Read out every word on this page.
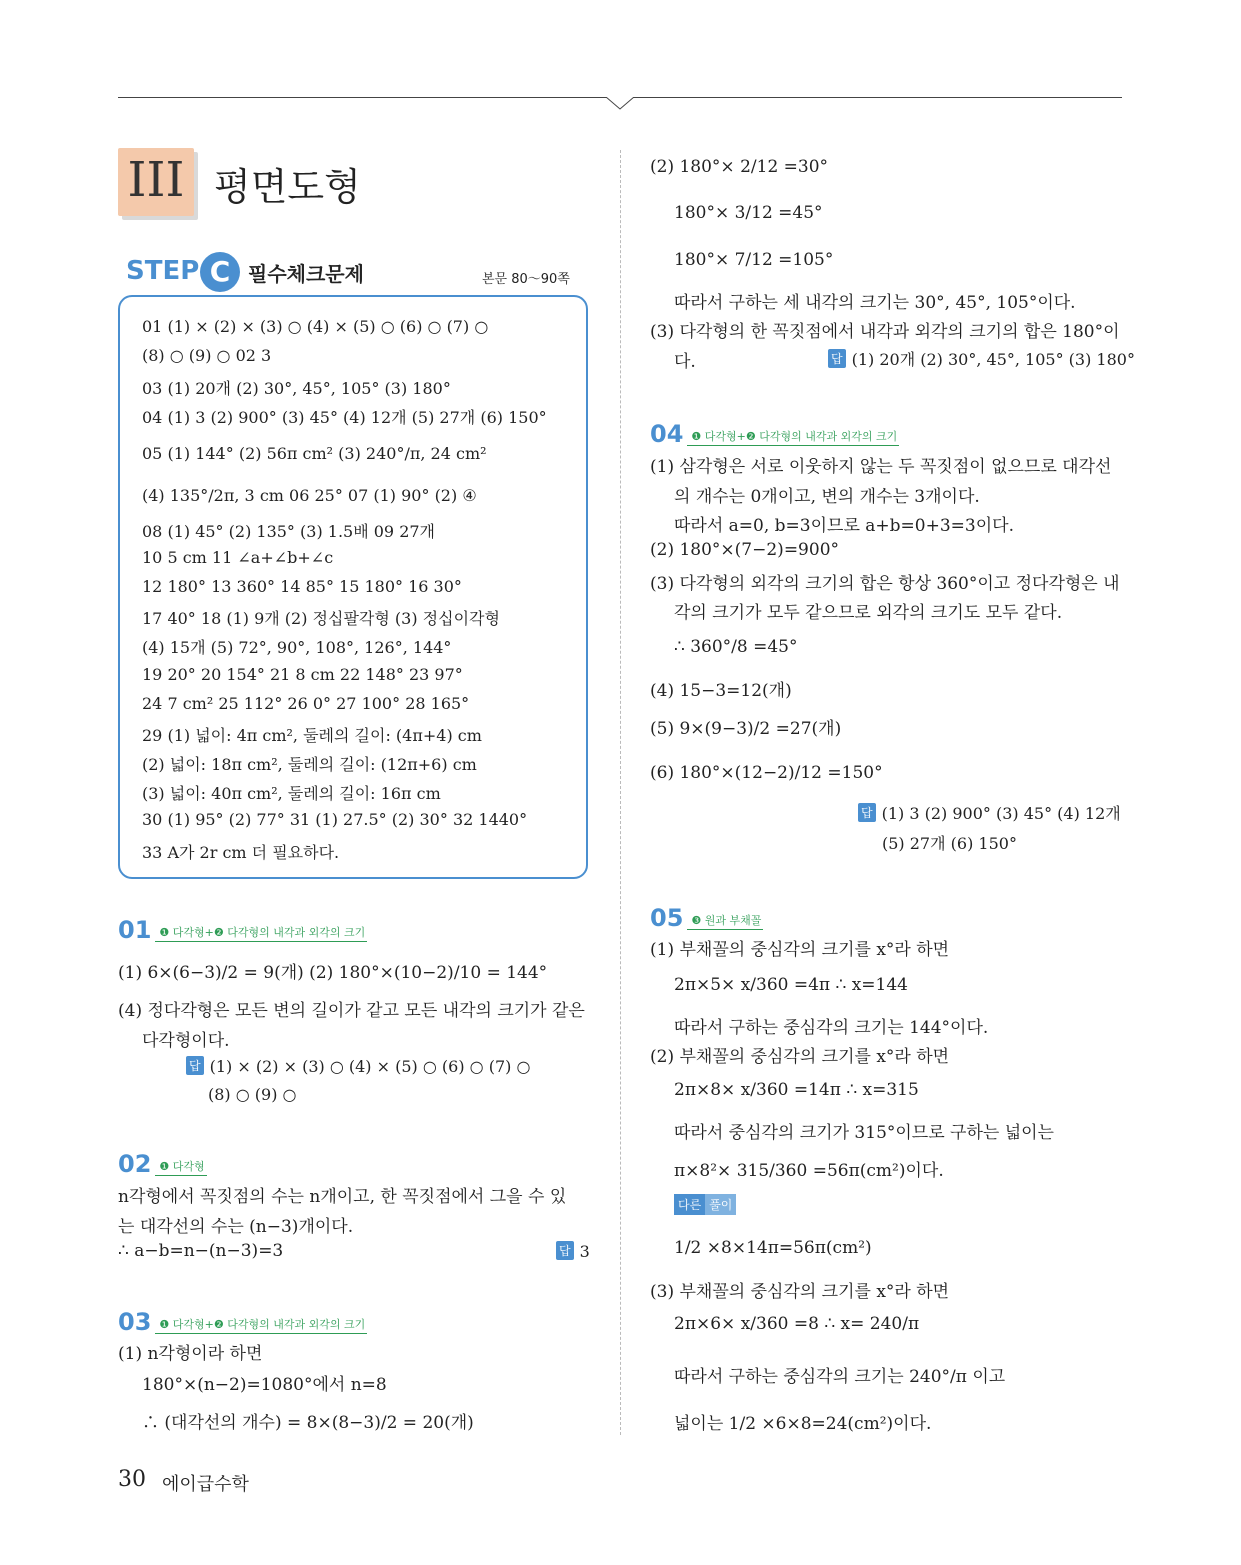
III 평면도형
STEP C 필수체크문제	본문 80～90쪽
01 (1) × (2) × (3) ○ (4) × (5) ○ (6) ○ (7) ○
(8) ○ (9) ○ 02 3
03 (1) 20개 (2) 30°, 45°, 105° (3) 180°
04 (1) 3 (2) 900° (3) 45° (4) 12개 (5) 27개 (6) 150°
05 (1) 144° (2) 56π cm² (3) 240°/π, 24 cm²
(4) 135°/2π, 3 cm 06 25° 07 (1) 90° (2) ④
08 (1) 45° (2) 135° (3) 1.5배 09 27개
10 5 cm 11 ∠a+∠b+∠c
12 180° 13 360° 14 85° 15 180° 16 30°
17 40° 18 (1) 9개 (2) 정십팔각형 (3) 정십이각형
(4) 15개 (5) 72°, 90°, 108°, 126°, 144°
19 20° 20 154° 21 8 cm 22 148° 23 97°
24 7 cm² 25 112° 26 0° 27 100° 28 165°
29 (1) 넓이: 4π cm², 둘레의 길이: (4π+4) cm
(2) 넓이: 18π cm², 둘레의 길이: (12π+6) cm
(3) 넓이: 40π cm², 둘레의 길이: 16π cm
30 (1) 95° (2) 77° 31 (1) 27.5° (2) 30° 32 1440°
33 A가 2r cm 더 필요하다.
01 ❶ 다각형+❷ 다각형의 내각과 외각의 크기
(1) 6×(6−3)/2 = 9(개) (2) 180°×(10−2)/10 = 144°
(4) 정다각형은 모든 변의 길이가 같고 모든 내각의 크기가 같은
다각형이다.
답 (1) × (2) × (3) ○ (4) × (5) ○ (6) ○ (7) ○
(8) ○ (9) ○
02 ❶ 다각형
n각형에서 꼭짓점의 수는 n개이고, 한 꼭짓점에서 그을 수 있
는 대각선의 수는 (n−3)개이다.
∴ a−b=n−(n−3)=3	답 3
03 ❶ 다각형+❷ 다각형의 내각과 외각의 크기
(1) n각형이라 하면
180°×(n−2)=1080°에서 n=8
∴ (대각선의 개수) = 8×(8−3)/2 = 20(개)
(2) 180°× 2/12 =30°
180°× 3/12 =45°
180°× 7/12 =105°
따라서 구하는 세 내각의 크기는 30°, 45°, 105°이다.
(3) 다각형의 한 꼭짓점에서 내각과 외각의 크기의 합은 180°이
다.	답 (1) 20개 (2) 30°, 45°, 105° (3) 180°
04 ❶ 다각형+❷ 다각형의 내각과 외각의 크기
(1) 삼각형은 서로 이웃하지 않는 두 꼭짓점이 없으므로 대각선
의 개수는 0개이고, 변의 개수는 3개이다.
따라서 a=0, b=3이므로 a+b=0+3=3이다.
(2) 180°×(7−2)=900°
(3) 다각형의 외각의 크기의 합은 항상 360°이고 정다각형은 내
각의 크기가 모두 같으므로 외각의 크기도 모두 같다.
∴ 360°/8 =45°
(4) 15−3=12(개)
(5) 9×(9−3)/2 =27(개)
(6) 180°×(12−2)/12 =150°
답 (1) 3 (2) 900° (3) 45° (4) 12개
(5) 27개 (6) 150°
05 ❸ 원과 부채꼴
(1) 부채꼴의 중심각의 크기를 x°라 하면
2π×5× x/360 =4π ∴ x=144
따라서 구하는 중심각의 크기는 144°이다.
(2) 부채꼴의 중심각의 크기를 x°라 하면
2π×8× x/360 =14π ∴ x=315
따라서 중심각의 크기가 315°이므로 구하는 넓이는
π×8²× 315/360 =56π(cm²)이다.
다른 풀이
1/2 ×8×14π=56π(cm²)
(3) 부채꼴의 중심각의 크기를 x°라 하면
2π×6× x/360 =8 ∴ x= 240/π
따라서 구하는 중심각의 크기는 240°/π 이고
넓이는 1/2 ×6×8=24(cm²)이다.
30 에이급수학
